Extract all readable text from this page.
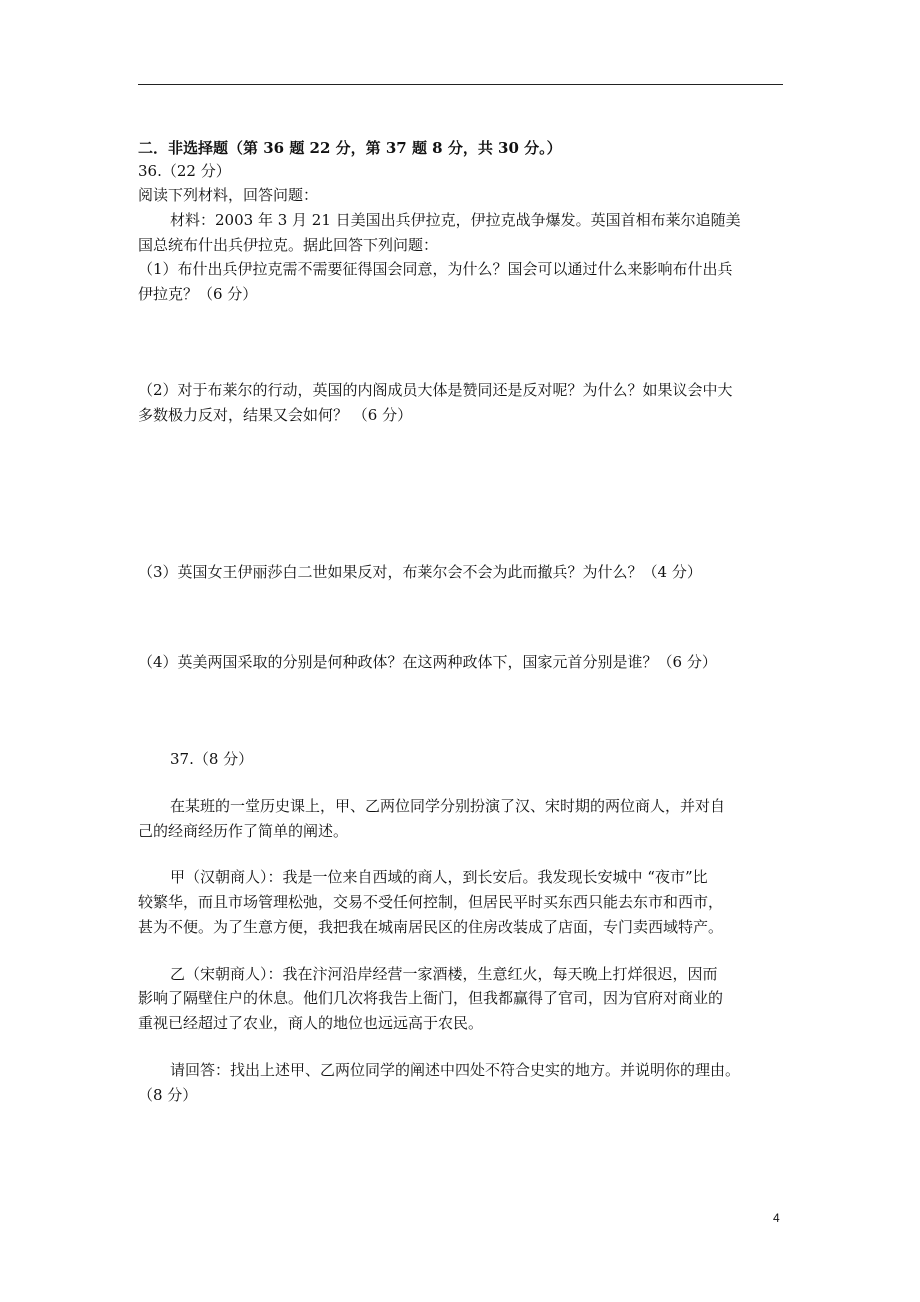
二．非选择题（第 36 题 22 分，第 37 题 8 分，共 30 分。）
36.（22 分）
阅读下列材料，回答问题：
材料：2003 年 3 月 21 日美国出兵伊拉克，伊拉克战争爆发。英国首相布莱尔追随美
国总统布什出兵伊拉克。据此回答下列问题：
（1）布什出兵伊拉克需不需要征得国会同意，为什么？国会可以通过什么来影响布什出兵
伊拉克？（6 分）
（2）对于布莱尔的行动，英国的内阁成员大体是赞同还是反对呢？为什么？如果议会中大
多数极力反对，结果又会如何？ （6 分）
（3）英国女王伊丽莎白二世如果反对，布莱尔会不会为此而撤兵？为什么？（4 分）
（4）英美两国采取的分别是何种政体？在这两种政体下，国家元首分别是谁？（6 分）
37.（8 分）
在某班的一堂历史课上，甲、乙两位同学分别扮演了汉、宋时期的两位商人，并对自
己的经商经历作了简单的阐述。
甲（汉朝商人）：我是一位来自西域的商人，到长安后。我发现长安城中 “夜市”比
较繁华，而且市场管理松弛，交易不受任何控制，但居民平时买东西只能去东市和西市，
甚为不便。为了生意方便，我把我在城南居民区的住房改装成了店面，专门卖西域特产。
乙（宋朝商人）：我在汴河沿岸经营一家酒楼，生意红火，每天晚上打烊很迟，因而
影响了隔壁住户的休息。他们几次将我告上衙门，但我都赢得了官司，因为官府对商业的
重视已经超过了农业，商人的地位也远远高于农民。
请回答：找出上述甲、乙两位同学的阐述中四处不符合史实的地方。并说明你的理由。
（8 分）
4
